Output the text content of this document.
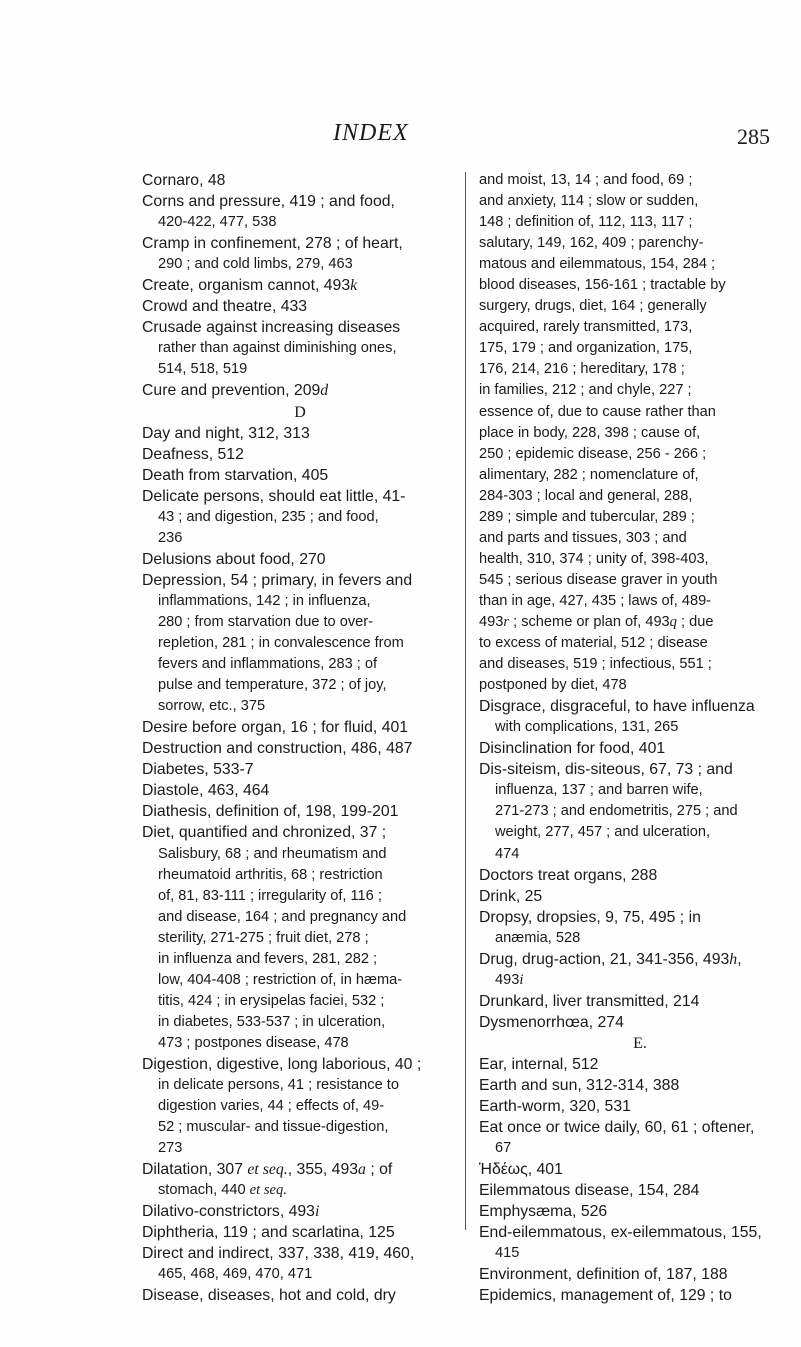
INDEX	285
Cornaro, 48
Corns and pressure, 419 ; and food,
420-422, 477, 538
Cramp in confinement, 278 ; of heart,
290 ; and cold limbs, 279, 463
Create, organism cannot, 493k
Crowd and theatre, 433
Crusade against increasing diseases
rather than against diminishing ones,
514, 518, 519
Cure and prevention, 209d
D
Day and night, 312, 313
Deafness, 512
Death from starvation, 405
Delicate persons, should eat little, 41-
43 ; and digestion, 235 ; and food,
236
Delusions about food, 270
Depression, 54 ; primary, in fevers and
inflammations, 142 ; in influenza,
280 ; from starvation due to over-
repletion, 281 ; in convalescence from
fevers and inflammations, 283 ; of
pulse and temperature, 372 ; of joy,
sorrow, etc., 375
Desire before organ, 16 ; for fluid, 401
Destruction and construction, 486, 487
Diabetes, 533-7
Diastole, 463, 464
Diathesis, definition of, 198, 199-201
Diet, quantified and chronized, 37 ;
Salisbury, 68 ; and rheumatism and
rheumatoid arthritis, 68 ; restriction
of, 81, 83-111 ; irregularity of, 116 ;
and disease, 164 ; and pregnancy and
sterility, 271-275 ; fruit diet, 278 ;
in influenza and fevers, 281, 282 ;
low, 404-408 ; restriction of, in hæma-
titis, 424 ; in erysipelas faciei, 532 ;
in diabetes, 533-537 ; in ulceration,
473 ; postpones disease, 478
Digestion, digestive, long laborious, 40 ;
in delicate persons, 41 ; resistance to
digestion varies, 44 ; effects of, 49-
52 ; muscular- and tissue-digestion,
273
Dilatation, 307 et seq., 355, 493a ; of
stomach, 440 et seq.
Dilativo-constrictors, 493i
Diphtheria, 119 ; and scarlatina, 125
Direct and indirect, 337, 338, 419, 460,
465, 468, 469, 470, 471
Disease, diseases, hot and cold, dry
and moist, 13, 14 ; and food, 69 ;
and anxiety, 114 ; slow or sudden,
148 ; definition of, 112, 113, 117 ;
salutary, 149, 162, 409 ; parenchy-
matous and eilemmatous, 154, 284 ;
blood diseases, 156-161 ; tractable by
surgery, drugs, diet, 164 ; generally
acquired, rarely transmitted, 173,
175, 179 ; and organization, 175,
176, 214, 216 ; hereditary, 178 ;
in families, 212 ; and chyle, 227 ;
essence of, due to cause rather than
place in body, 228, 398 ; cause of,
250 ; epidemic disease, 256 - 266 ;
alimentary, 282 ; nomenclature of,
284-303 ; local and general, 288,
289 ; simple and tubercular, 289 ;
and parts and tissues, 303 ; and
health, 310, 374 ; unity of, 398-403,
545 ; serious disease graver in youth
than in age, 427, 435 ; laws of, 489-
493r ; scheme or plan of, 493q ; due
to excess of material, 512 ; disease
and diseases, 519 ; infectious, 551 ;
postponed by diet, 478
Disgrace, disgraceful, to have influenza
with complications, 131, 265
Disinclination for food, 401
Dis-siteism, dis-siteous, 67, 73 ; and
influenza, 137 ; and barren wife,
271-273 ; and endometritis, 275 ; and
weight, 277, 457 ; and ulceration,
474
Doctors treat organs, 288
Drink, 25
Dropsy, dropsies, 9, 75, 495 ; in
anæmia, 528
Drug, drug-action, 21, 341-356, 493h,
493i
Drunkard, liver transmitted, 214
Dysmenorrhœa, 274
E.
Ear, internal, 512
Earth and sun, 312-314, 388
Earth-worm, 320, 531
Eat once or twice daily, 60, 61 ; oftener,
67
Ἡδέως, 401
Eilemmatous disease, 154, 284
Emphysæma, 526
End-eilemmatous, ex-eilemmatous, 155,
415
Environment, definition of, 187, 188
Epidemics, management of, 129 ; to
